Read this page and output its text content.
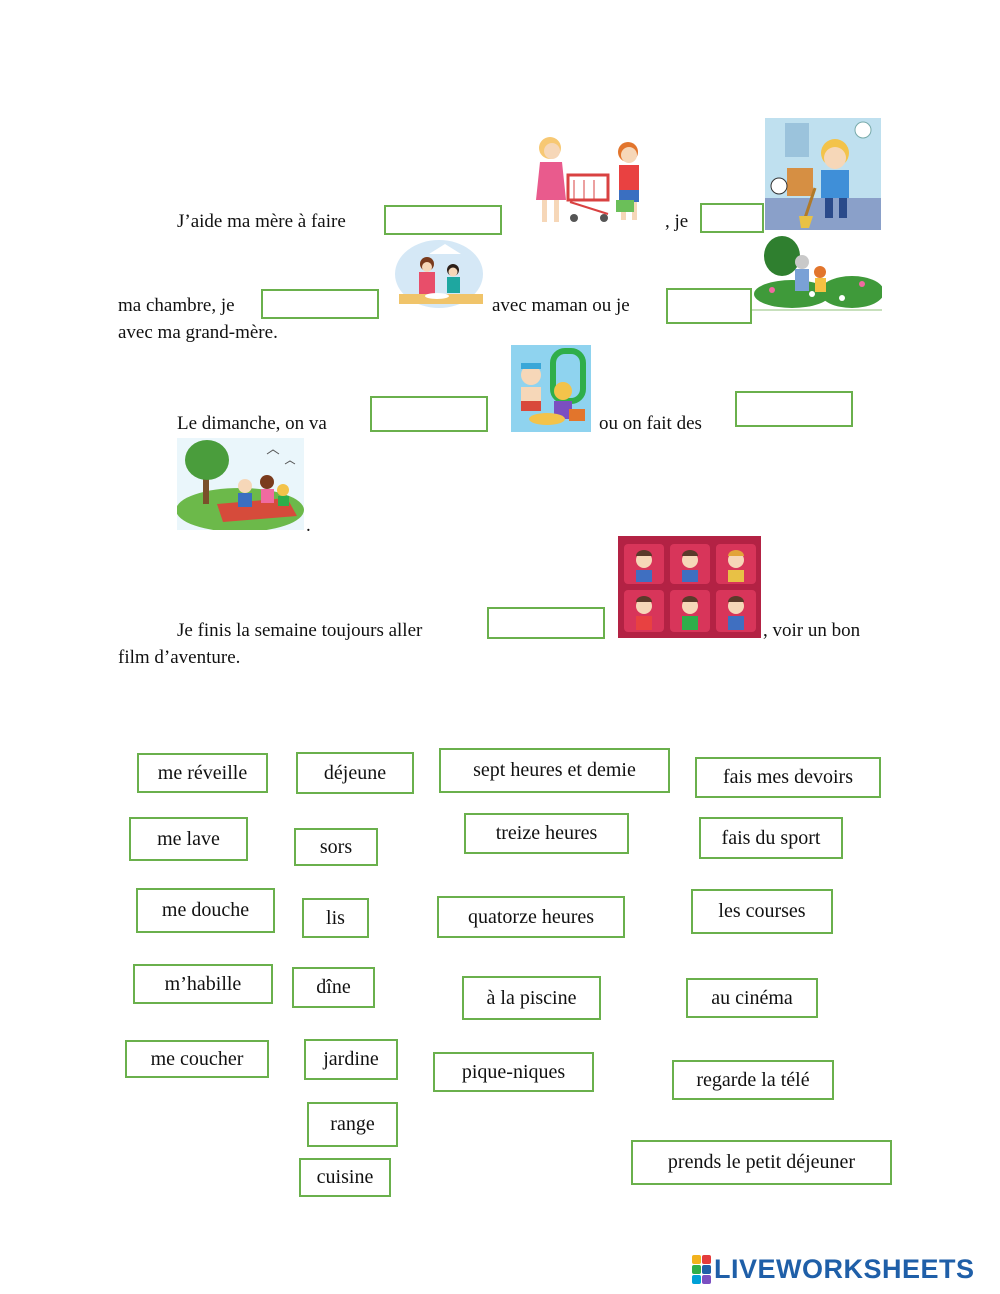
J’aide ma mère à faire	, je
ma chambre, je	avec maman ou je
avec ma grand-mère.
Le dimanche, on va	ou on fait des
.
Je finis la semaine toujours aller	, voir un bon
film d’aventure.
me réveille	déjeune	sept heures et demie	fais mes devoirs
me lave	sors
treize heures	fais du sport
me douche	lis	quatorze heures	les courses
m’habille	dîne	à la piscine	au cinéma
me coucher	jardine
pique-niques	regarde la télé
range
prends le petit déjeuner
cuisine
LIVEWORKSHEETS
